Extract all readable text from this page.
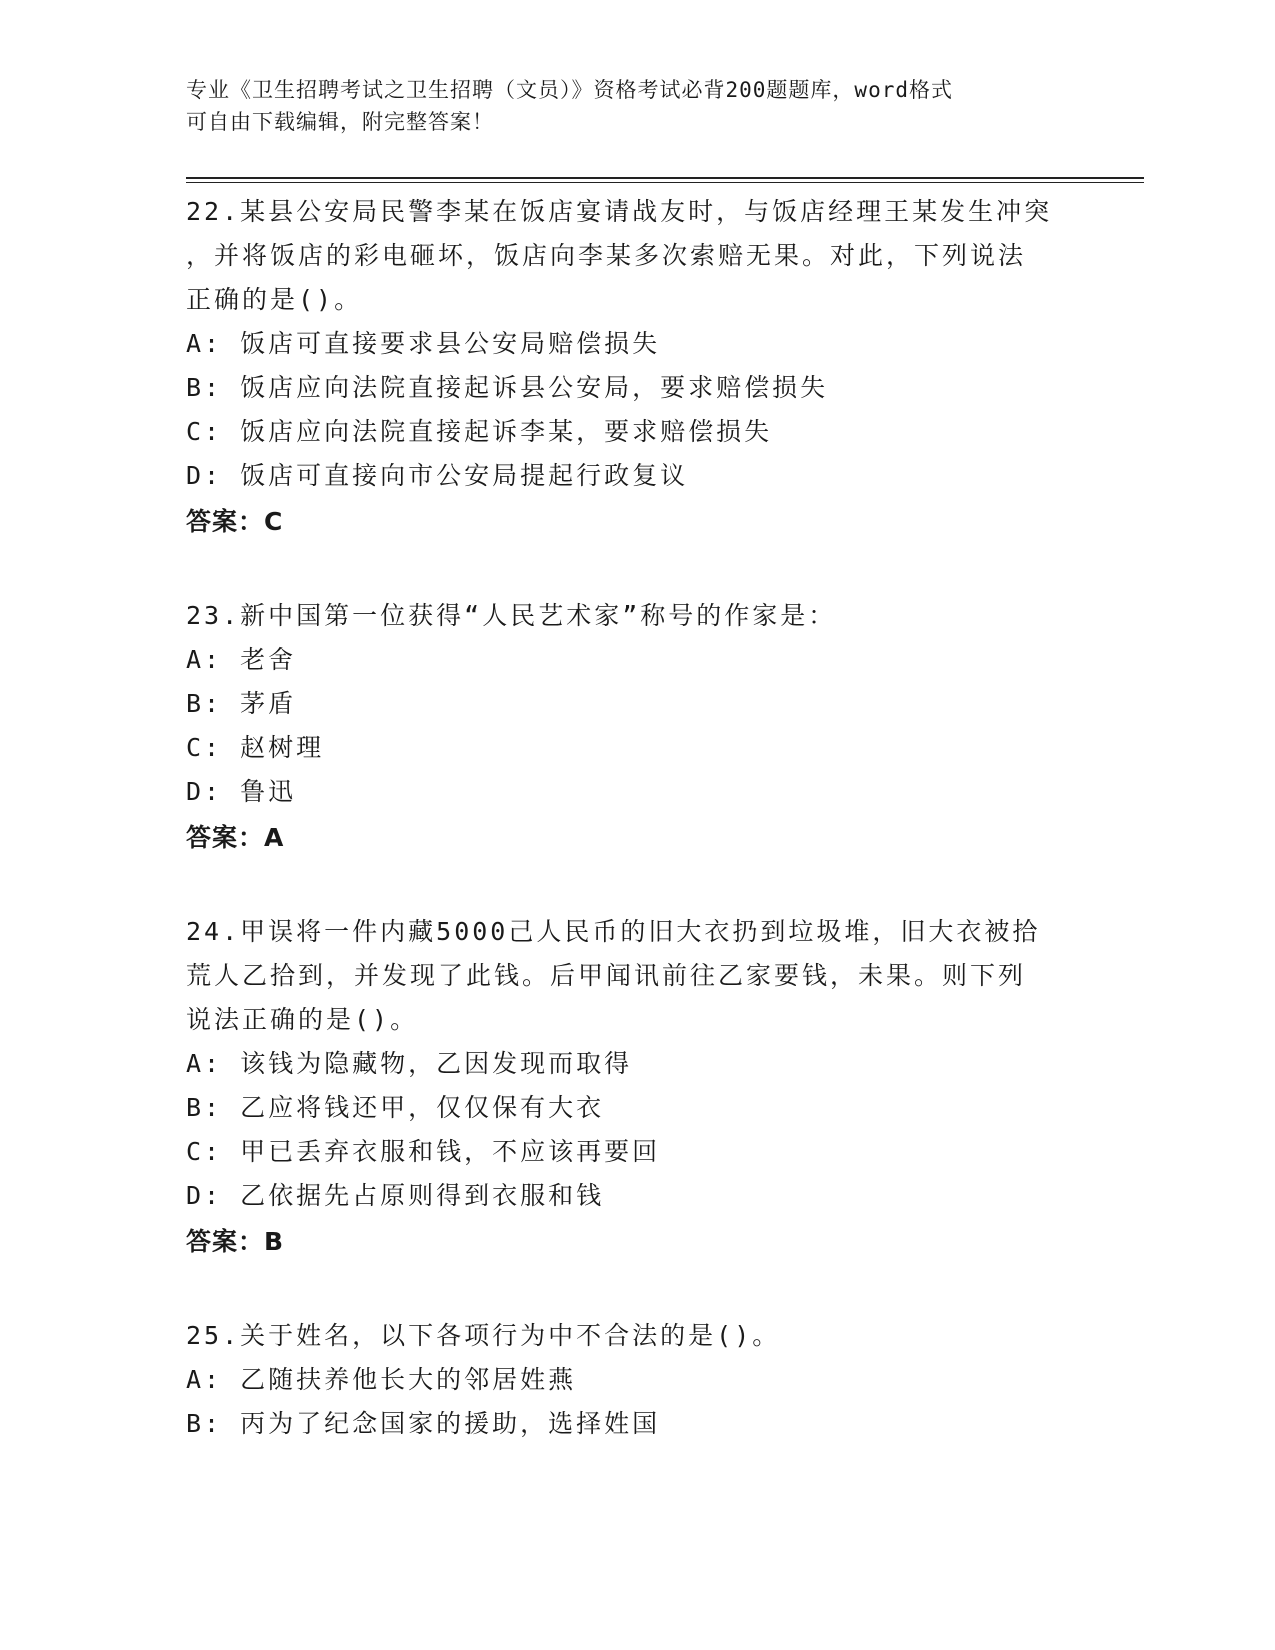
专业《卫生招聘考试之卫生招聘（文员）》资格考试必背200题题库，word格式
可自由下载编辑，附完整答案！

22.某县公安局民警李某在饭店宴请战友时，与饭店经理王某发生冲突

，并将饭店的彩电砸坏，饭店向李某多次索赔无果。对此，下列说法

正确的是()。

A: 饭店可直接要求县公安局赔偿损失

B: 饭店应向法院直接起诉县公安局，要求赔偿损失

C: 饭店应向法院直接起诉李某，要求赔偿损失

D: 饭店可直接向市公安局提起行政复议

答案：C

23.新中国第一位获得“人民艺术家”称号的作家是：

A: 老舍

B: 茅盾

C: 赵树理

D: 鲁迅

答案：A

24.甲误将一件内藏5000己人民币的旧大衣扔到垃圾堆，旧大衣被拾

荒人乙拾到，并发现了此钱。后甲闻讯前往乙家要钱，未果。则下列

说法正确的是()。

A: 该钱为隐藏物，乙因发现而取得

B: 乙应将钱还甲，仅仅保有大衣

C: 甲已丢弃衣服和钱，不应该再要回

D: 乙依据先占原则得到衣服和钱

答案：B

25.关于姓名，以下各项行为中不合法的是()。

A: 乙随扶养他长大的邻居姓燕

B: 丙为了纪念国家的援助，选择姓国
